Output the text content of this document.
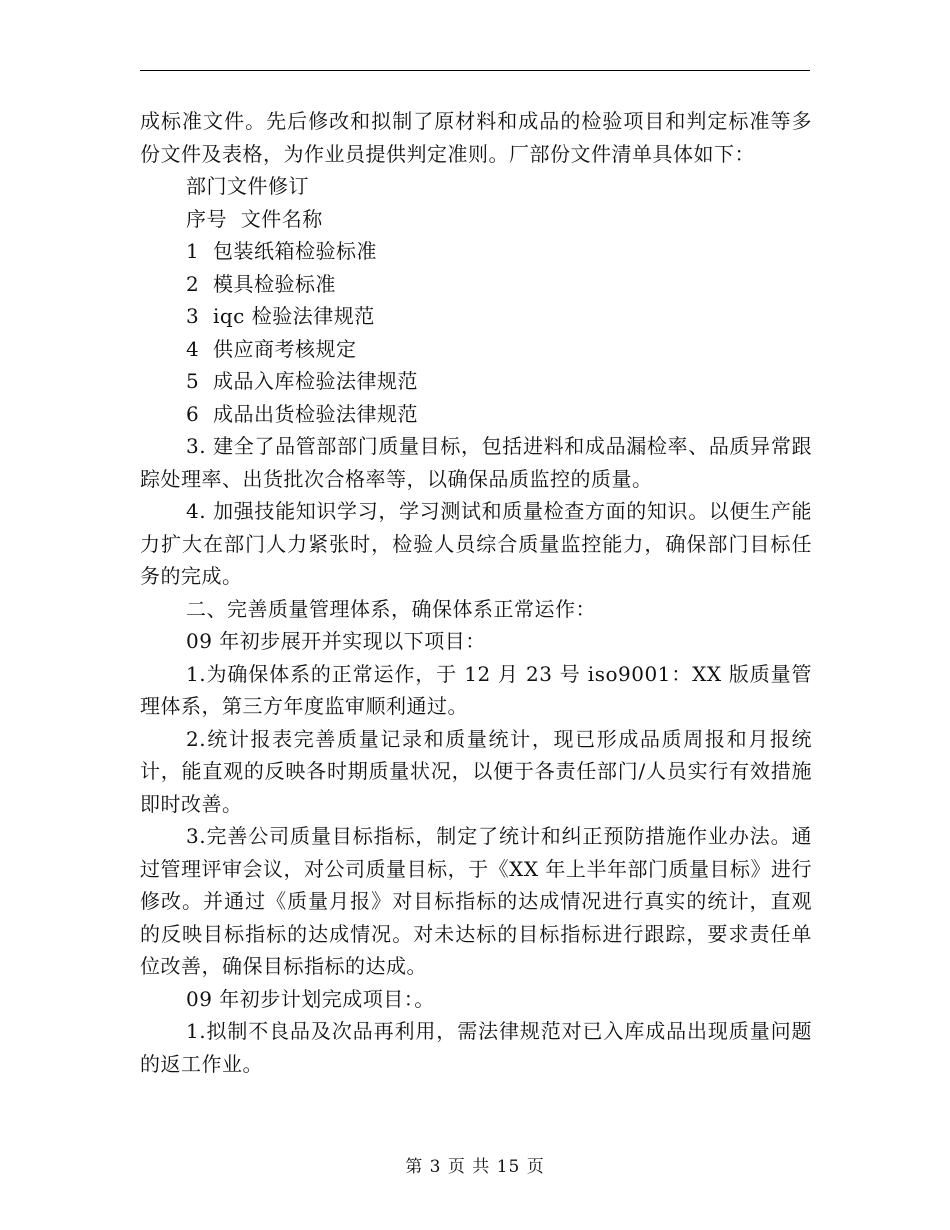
成标准文件。先后修改和拟制了原材料和成品的检验项目和判定标准等多份文件及表格，为作业员提供判定准则。厂部份文件清单具体如下：

部门文件修订

序号  文件名称

1  包装纸箱检验标准

2  模具检验标准

3  iqc 检验法律规范

4  供应商考核规定

5  成品入库检验法律规范

6  成品出货检验法律规范

3. 建全了品管部部门质量目标，包括进料和成品漏检率、品质异常跟踪处理率、出货批次合格率等，以确保品质监控的质量。

4. 加强技能知识学习，学习测试和质量检查方面的知识。以便生产能力扩大在部门人力紧张时，检验人员综合质量监控能力，确保部门目标任务的完成。

二、完善质量管理体系，确保体系正常运作：

09 年初步展开并实现以下项目：

1.为确保体系的正常运作，于 12 月 23 号 iso9001：XX 版质量管理体系，第三方年度监审顺利通过。

2.统计报表完善质量记录和质量统计，现已形成品质周报和月报统计，能直观的反映各时期质量状况，以便于各责任部门/人员实行有效措施即时改善。

3.完善公司质量目标指标，制定了统计和纠正预防措施作业办法。通过管理评审会议，对公司质量目标，于《XX 年上半年部门质量目标》进行修改。并通过《质量月报》对目标指标的达成情况进行真实的统计，直观的反映目标指标的达成情况。对未达标的目标指标进行跟踪，要求责任单位改善，确保目标指标的达成。

09 年初步计划完成项目：。

1.拟制不良品及次品再利用，需法律规范对已入库成品出现质量问题的返工作业。

第 3 页 共 15 页
